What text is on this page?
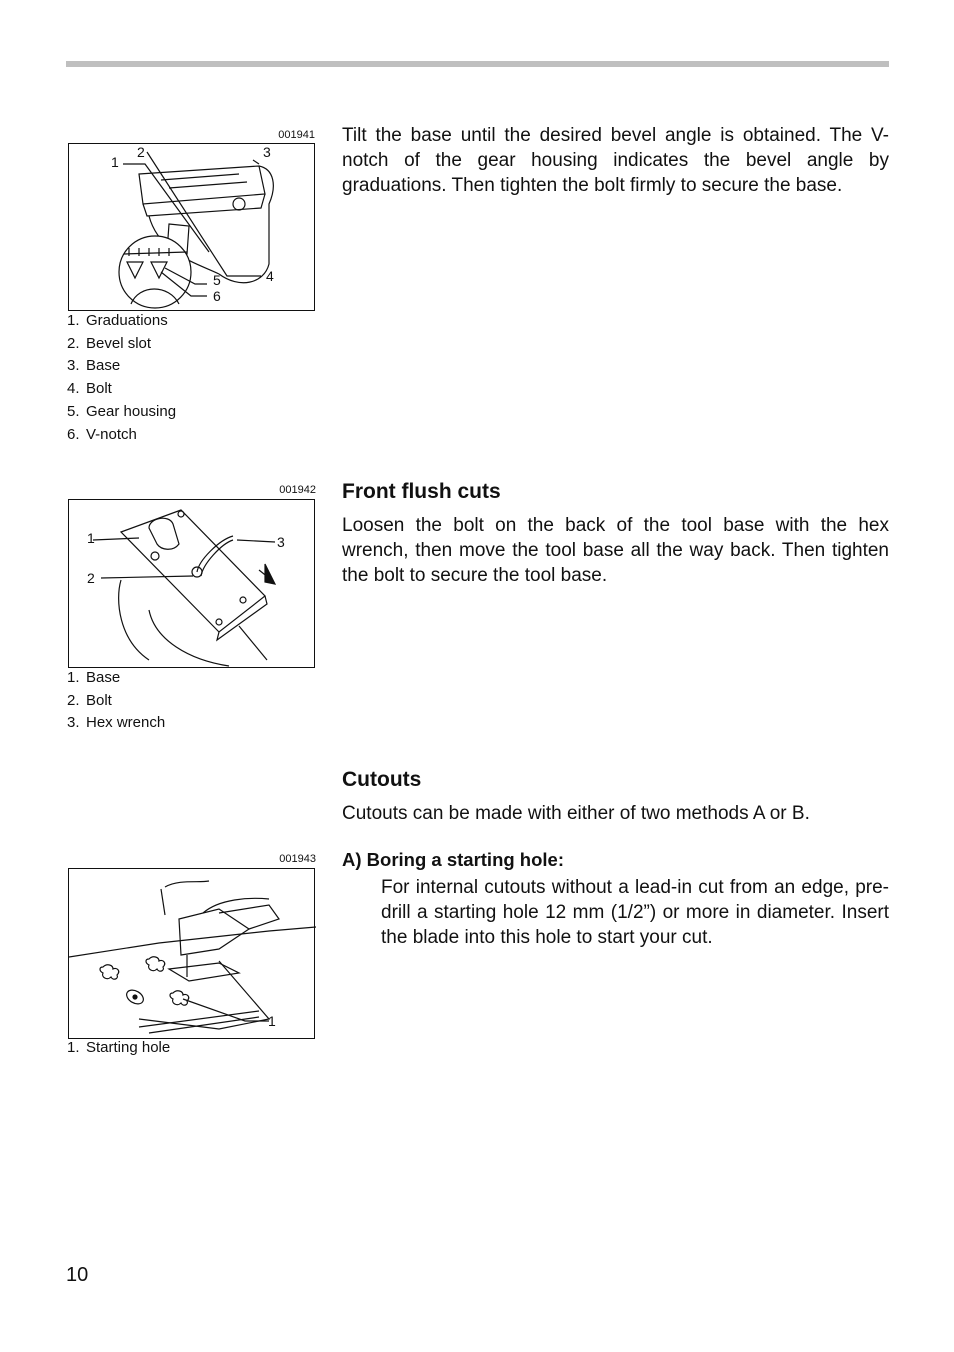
001941
1
2	3
4
5
6
1. Graduations
2. Bevel slot
3. Base
4. Bolt
5. Gear housing
6. V-notch

Tilt the base until the desired bevel angle is obtained. The V-notch of the gear housing indicates the bevel angle by graduations. Then tighten the bolt firmly to secure the base.

001942
1
2
3
1. Base
2. Bolt
3. Hex wrench
Front flush cuts

Loosen the bolt on the back of the tool base with the hex wrench, then move the tool base all the way back. Then tighten the bolt to secure the tool base.

Cutouts

Cutouts can be made with either of two methods A or B.

001943
1
1. Starting hole

A) Boring a starting hole:

For internal cutouts without a lead-in cut from an edge, pre-drill a starting hole 12 mm (1/2”) or more in diameter. Insert the blade into this hole to start your cut.

10
